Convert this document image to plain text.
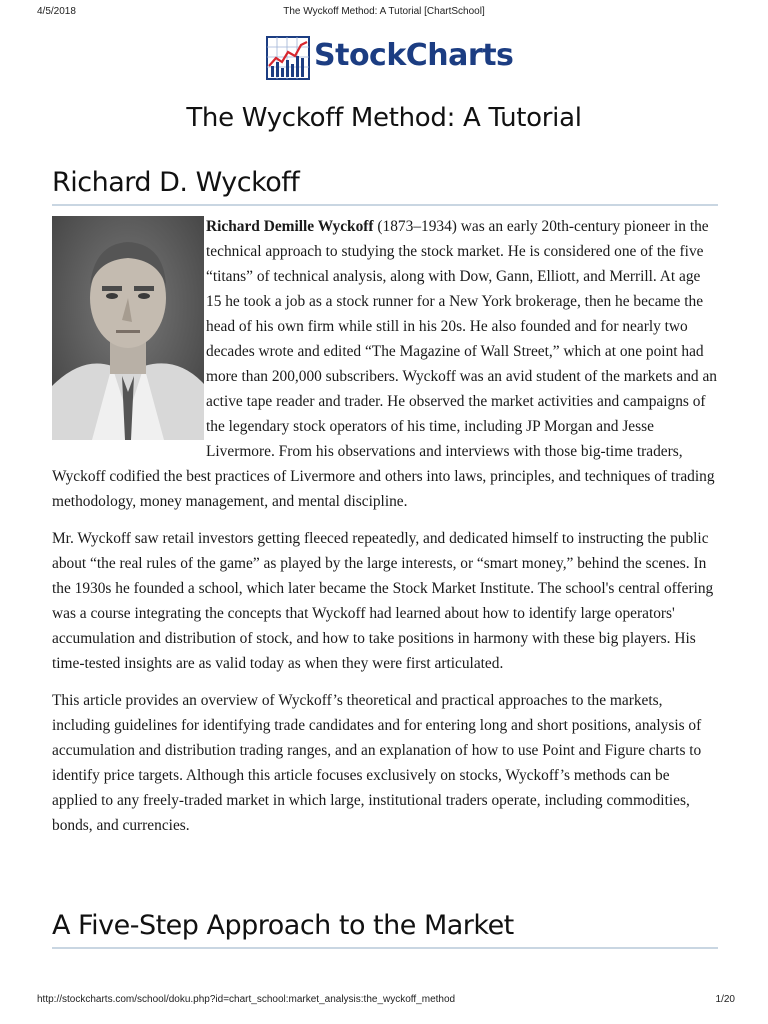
4/5/2018	The Wyckoff Method: A Tutorial [ChartSchool]
StockCharts
The Wyckoff Method: A Tutorial
Richard D. Wyckoff

Richard Demille Wyckoff (1873–1934) was an early 20th-century pioneer in the technical approach to studying the stock market. He is considered one of the five “titans” of technical analysis, along with Dow, Gann, Elliott, and Merrill. At age 15 he took a job as a stock runner for a New York brokerage, then he became the head of his own firm while still in his 20s. He also founded and for nearly two decades wrote and edited “The Magazine of Wall Street,” which at one point had more than 200,000 subscribers. Wyckoff was an avid student of the markets and an active tape reader and trader. He observed the market activities and campaigns of the legendary stock operators of his time, including JP Morgan and Jesse Livermore. From his observations and interviews with those big-time traders, Wyckoff codified the best practices of Livermore and others into laws, principles, and techniques of trading methodology, money management, and mental discipline.

Mr. Wyckoff saw retail investors getting fleeced repeatedly, and dedicated himself to instructing the public about “the real rules of the game” as played by the large interests, or “smart money,” behind the scenes. In the 1930s he founded a school, which later became the Stock Market Institute. The school's central offering was a course integrating the concepts that Wyckoff had learned about how to identify large operators' accumulation and distribution of stock, and how to take positions in harmony with these big players. His time-tested insights are as valid today as when they were first articulated.

This article provides an overview of Wyckoff’s theoretical and practical approaches to the markets, including guidelines for identifying trade candidates and for entering long and short positions, analysis of accumulation and distribution trading ranges, and an explanation of how to use Point and Figure charts to identify price targets. Although this article focuses exclusively on stocks, Wyckoff’s methods can be applied to any freely-traded market in which large, institutional traders operate, including commodities, bonds, and currencies.

A Five-Step Approach to the Market
http://stockcharts.com/school/doku.php?id=chart_school:market_analysis:the_wyckoff_method	1/20
